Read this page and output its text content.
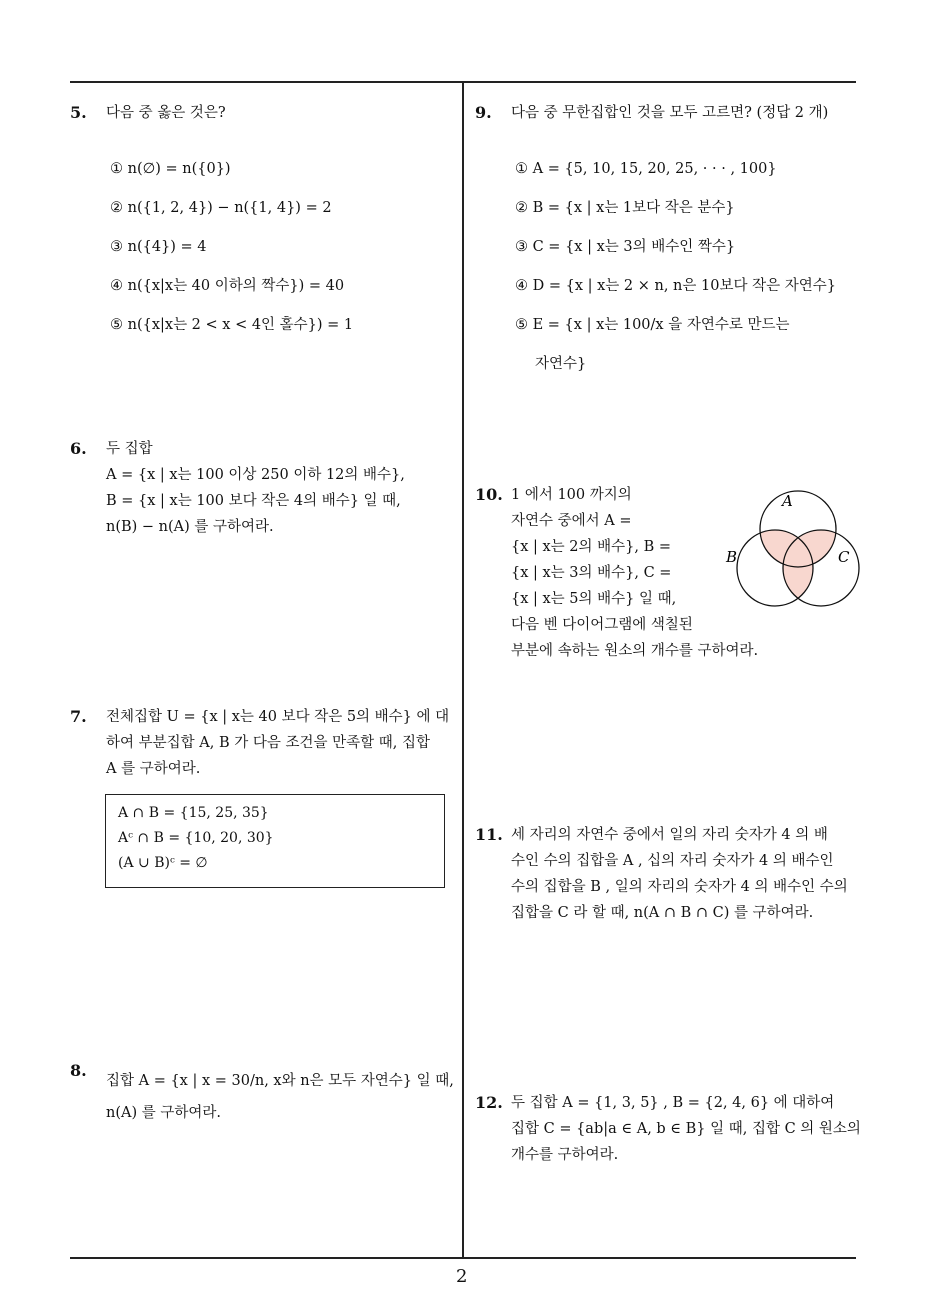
5. 다음 중 옳은 것은?
① n(∅) = n({0})
② n({1, 2, 4}) − n({1, 4}) = 2
③ n({4}) = 4
④ n({x|x는 40 이하의 짝수}) = 40
⑤ n({x|x는 2 < x < 4인 홀수}) = 1
6. 두 집합
A = {x | x는 100 이상 250 이하 12의 배수},
B = {x | x는 100 보다 작은 4의 배수} 일 때,
n(B) − n(A) 를 구하여라.
7. 전체집합 U = {x | x는 40 보다 작은 5의 배수} 에 대
하여 부분집합 A, B 가 다음 조건을 만족할 때, 집합
A 를 구하여라.
A ∩ B = {15, 25, 35}
Aᶜ ∩ B = {10, 20, 30}
(A ∪ B)ᶜ = ∅
8.
집합 A = {x | x = 30/n, x와 n은 모두 자연수} 일 때,
n(A) 를 구하여라.
9. 다음 중 무한집합인 것을 모두 고르면? (정답 2 개)
① A = {5, 10, 15, 20, 25, · · · , 100}
② B = {x | x는 1보다 작은 분수}
③ C = {x | x는 3의 배수인 짝수}
④ D = {x | x는 2 × n, n은 10보다 작은 자연수}
⑤ E = {x | x는 100/x 을 자연수로 만드는
자연수}
10. 1 에서 100 까지의
자연수 중에서 A =
{x | x는 2의 배수}, B =
{x | x는 3의 배수}, C =
{x | x는 5의 배수} 일 때,
다음 벤 다이어그램에 색칠된
부분에 속하는 원소의 개수를 구하여라.
A
B	C
11. 세 자리의 자연수 중에서 일의 자리 숫자가 4 의 배
수인 수의 집합을 A , 십의 자리 숫자가 4 의 배수인
수의 집합을 B , 일의 자리의 숫자가 4 의 배수인 수의
집합을 C 라 할 때, n(A ∩ B ∩ C) 를 구하여라.
12. 두 집합 A = {1, 3, 5} , B = {2, 4, 6} 에 대하여
집합 C = {ab|a ∈ A, b ∈ B} 일 때, 집합 C 의 원소의
개수를 구하여라.
2
